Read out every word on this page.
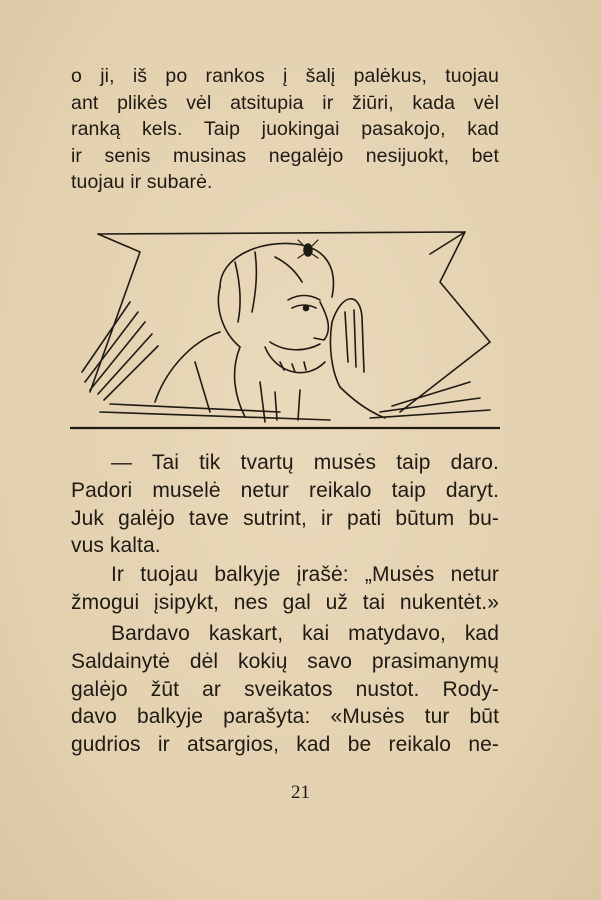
o ji, iš po rankos į šalį palėkus, tuojau
ant plikės vėl atsitupia ir žiūri, kada vėl
ranką kels. Taip juokingai pasakojo, kad
ir senis musinas negalėjo nesijuokt, bet
tuojau ir subarė.
— Tai tik tvartų musės taip daro.
Padori muselė netur reikalo taip daryt.
Juk galėjo tave sutrint, ir pati būtum bu-
vus kalta.
Ir tuojau balkyje įrašė: „Musės netur
žmogui įsipykt, nes gal už tai nukentėt.»
Bardavo kaskart, kai matydavo, kad
Saldainytė dėl kokių savo prasimanymų
galėjo žūt ar sveikatos nustot. Rody-
davo balkyje parašyta: «Musės tur būt
gudrios ir atsargios, kad be reikalo ne-
21
